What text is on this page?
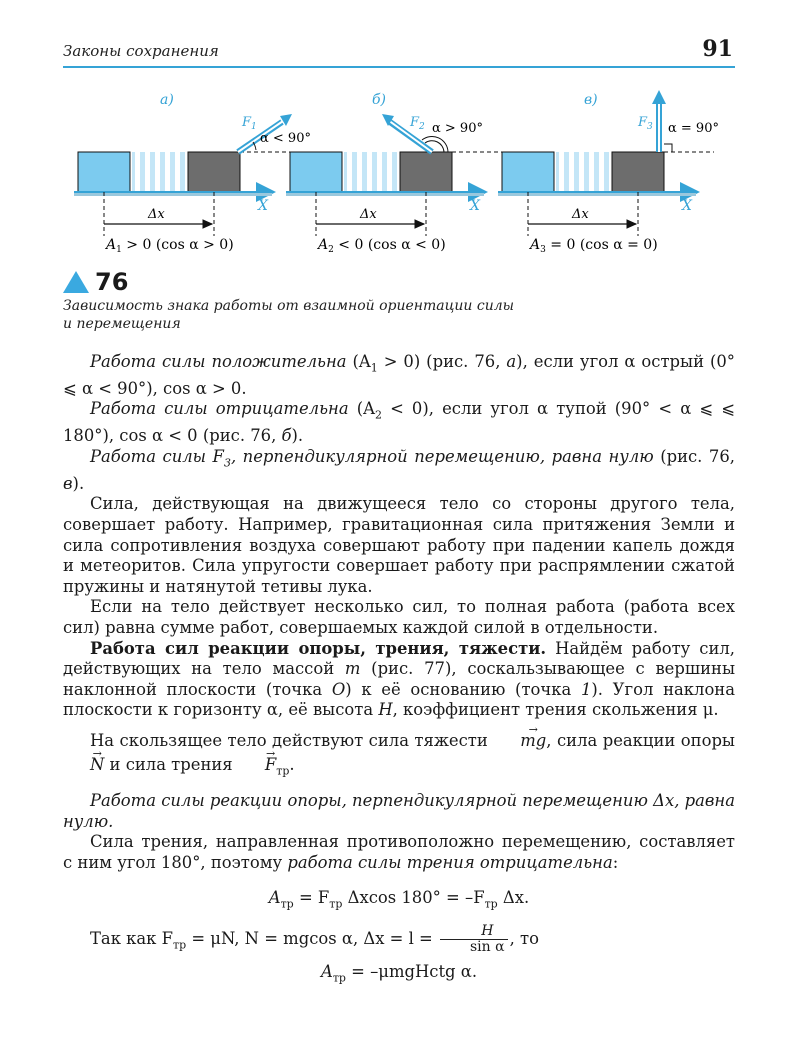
Законы сохранения	91
а)
X
$F_1$
α < 90°
Δx
$A_1 > 0$ (cos α > 0)
б)
X
$F_2$ α > 90°
Δx
$A_2 < 0$ (cos α < 0)
в)
X
$F_3$ α = 90°
Δx
$A_3 = 0$ (cos α = 0)
76
Зависимость знака работы от взаимной ориентации силы
и перемещения

Работа силы положительна $(A_1 > 0)$ (рис. 76, а), если угол α острый (0° ⩽ α < 90°), cos α > 0.

Работа силы отрицательна $(A_2 < 0)$, если угол α тупой (90° < α ⩽ ⩽ 180°), cos α < 0 (рис. 76, б).

Работа силы $F_3$, перпендикулярной перемещению, равна нулю (рис. 76, в).

Сила, действующая на движущееся тело со стороны другого тела, совершает работу. Например, гравитационная сила притяжения Земли и сила сопротивления воздуха совершают работу при падении капель дождя и метеоритов. Сила упругости совершает работу при распрямлении сжатой пружины и натянутой тетивы лука.

Если на тело действует несколько сил, то полная работа (работа всех сил) равна сумме работ, совершаемых каждой силой в отдельности.

Работа сил реакции опоры, трения, тяжести. Найдём работу сил, действующих на тело массой m (рис. 77), соскальзывающее с вершины наклонной плоскости (точка O) к её основанию (точка 1). Угол наклона плоскости к горизонту α, её высота H, коэффициент трения скольжения μ.

На скользящее тело действуют сила тяжести → mg, сила реакции опоры → N и сила трения → $F_{тр}$.

Работа силы реакции опоры, перпендикулярной перемещению Δx, равна нулю.

Сила трения, направленная противоположно перемещению, составляет с ним угол 180°, поэтому работа силы трения отрицательна:

$A_{тр} = F_{тр}$ Δxcos $180^\circ = -F_{тр}$ Δx.

Так как $F_{тр} = \mu N$, N = mgcos α, $\Delta x = l = \frac{H}{\text{sin α}}$ , то

$A_{тр}$ = –μmgHctg α.
